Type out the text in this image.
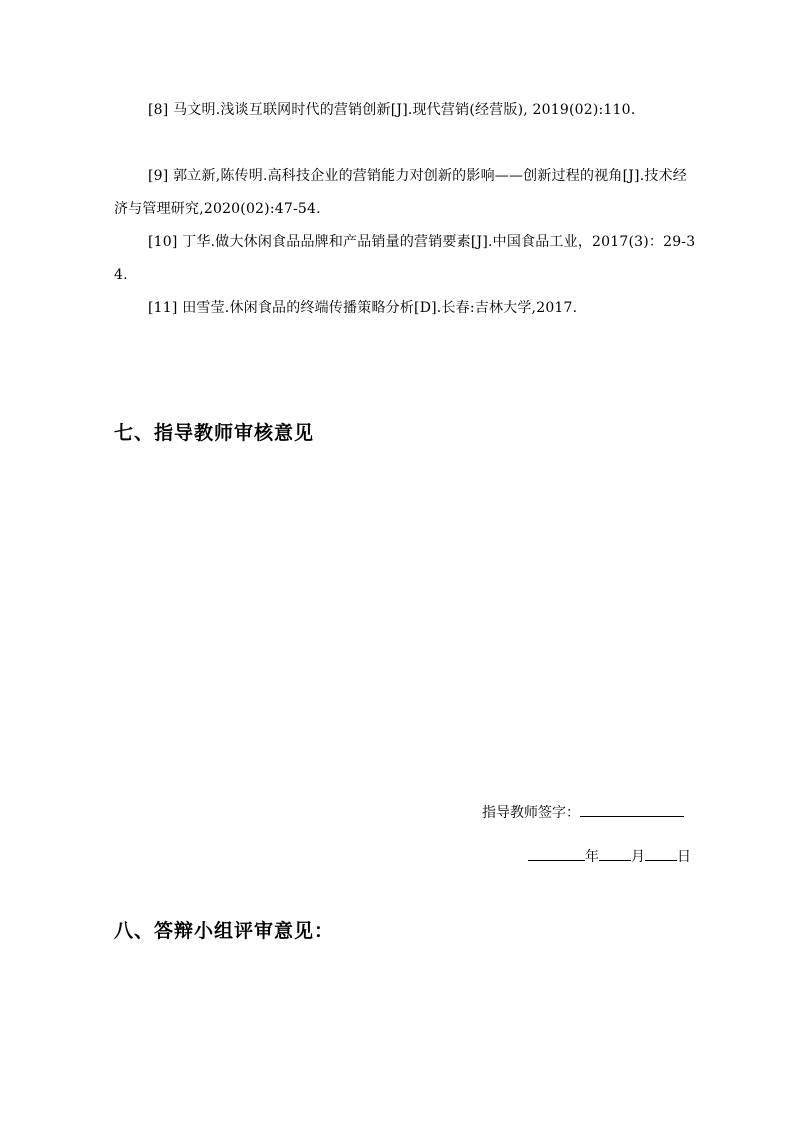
[8] 马文明.浅谈互联网时代的营销创新[J].现代营销(经营版), 2019(02):110.
[9] 郭立新,陈传明.高科技企业的营销能力对创新的影响——创新过程的视角[J].技术经济与管理研究,2020(02):47-54.
[10] 丁华.做大休闲食品品牌和产品销量的营销要素[J].中国食品工业，2017(3)：29-34.
[11] 田雪莹.休闲食品的终端传播策略分析[D].长春:吉林大学,2017.
七、指导教师审核意见
指导教师签字：
年 月 日
八、答辩小组评审意见：
